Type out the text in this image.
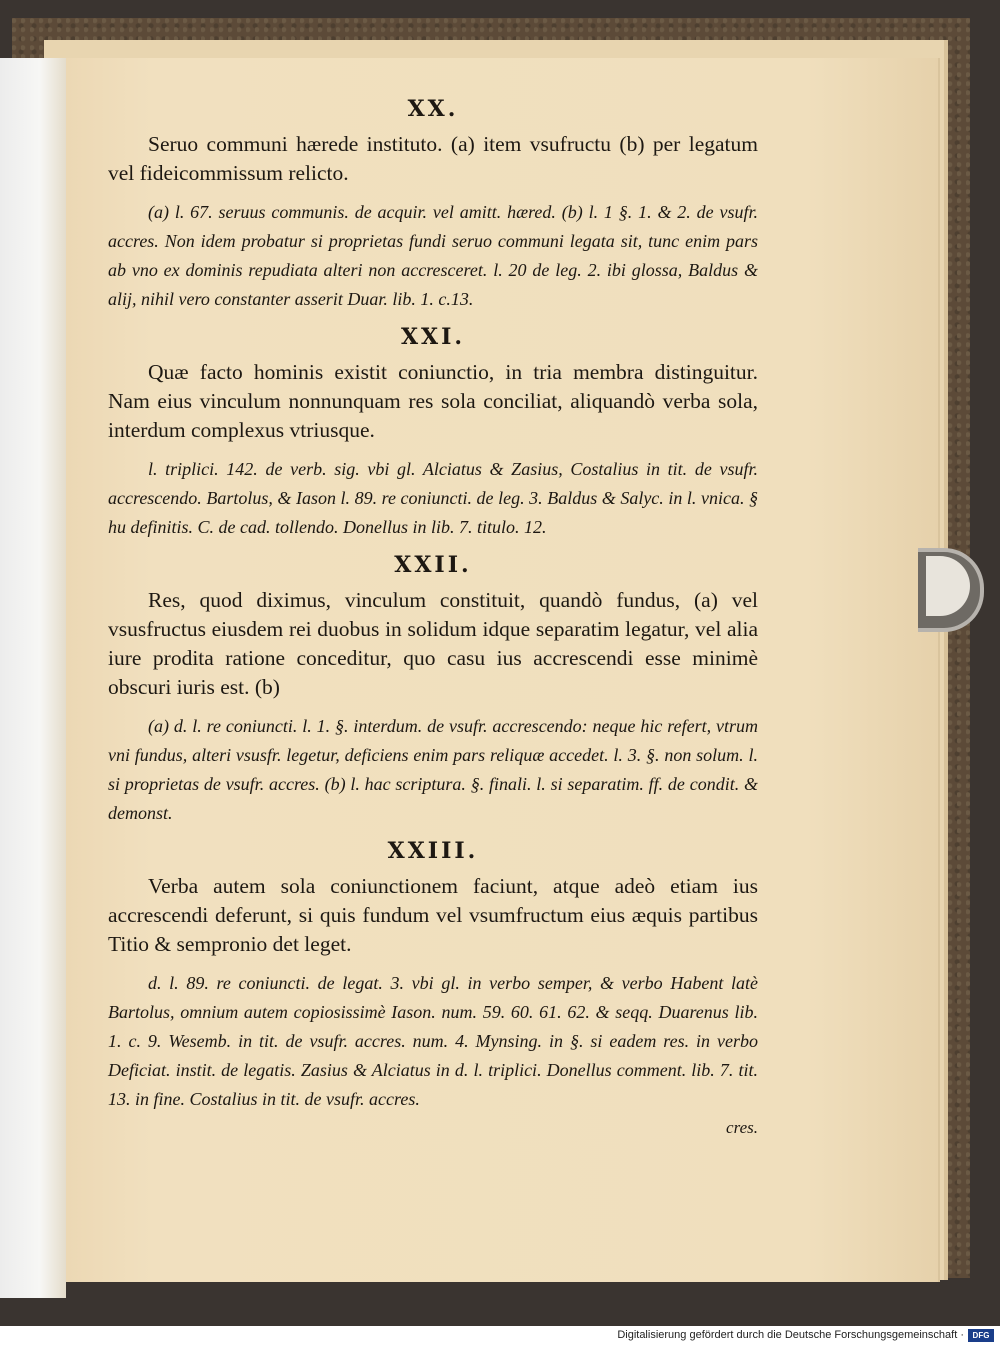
XX.

Seruo communi hærede instituto. (a) item vsufructu (b) per legatum vel fideicommissum relicto.

(a) l. 67. seruus communis. de acquir. vel amitt. hæred. (b) l. 1 §. 1. & 2. de vsufr. accres. Non idem probatur si proprietas fundi seruo communi legata sit, tunc enim pars ab vno ex dominis repudiata alteri non accresceret. l. 20 de leg. 2. ibi glossa, Baldus & alij, nihil vero constanter asserit Duar. lib. 1. c.13.

XXI.

Quæ facto hominis existit coniunctio, in tria membra distinguitur. Nam eius vinculum nonnunquam res sola conciliat, aliquandò verba sola, interdum complexus vtriusque.

l. triplici. 142. de verb. sig. vbi gl. Alciatus & Zasius, Costalius in tit. de vsufr. accrescendo. Bartolus, & Iason l. 89. re coniuncti. de leg. 3. Baldus & Salyc. in l. vnica. § hu definitis. C. de cad. tollendo. Donellus in lib. 7. titulo. 12.

XXII.

Res, quod diximus, vinculum constituit, quandò fundus, (a) vel vsusfructus eiusdem rei duobus in solidum idque separatim legatur, vel alia iure prodita ratione conceditur, quo casu ius accrescendi esse minimè obscuri iuris est. (b)

(a) d. l. re coniuncti. l. 1. §. interdum. de vsufr. accrescendo: neque hic refert, vtrum vni fundus, alteri vsusfr. legetur, deficiens enim pars reliquæ accedet. l. 3. §. non solum. l. si proprietas de vsufr. accres. (b) l. hac scriptura. §. finali. l. si separatim. ff. de condit. & demonst.

XXIII.

Verba autem sola coniunctionem faciunt, atque adeò etiam ius accrescendi deferunt, si quis fundum vel vsumfructum eius æquis partibus Titio & sempronio det leget.

d. l. 89. re coniuncti. de legat. 3. vbi gl. in verbo semper, & verbo Habent latè Bartolus, omnium autem copiosissimè Iason. num. 59. 60. 61. 62. & seqq. Duarenus lib. 1. c. 9. Wesemb. in tit. de vsufr. accres. num. 4. Mynsing. in §. si eadem res. in verbo Deficiat. instit. de legatis. Zasius & Alciatus in d. l. triplici. Donellus comment. lib. 7. tit. 13. in fine. Costalius in tit. de vsufr. accres.

cres.
Digitalisierung gefördert durch die Deutsche Forschungsgemeinschaft ·	DFG
